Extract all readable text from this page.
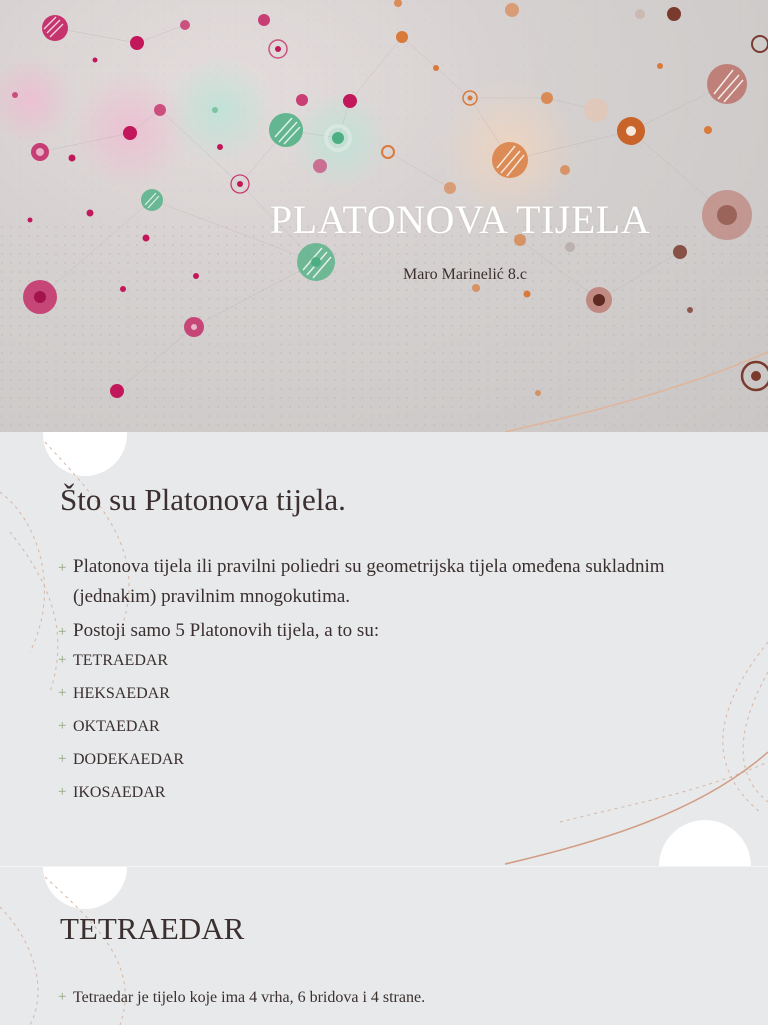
PLATONOVA TIJELA
Maro Marinelić 8.c
Što su Platonova tijela.
+ Platonova tijela ili pravilni poliedri su geometrijska tijela omeđena sukladnim (jednakim) pravilnim mnogokutima.
+ Postoji samo 5 Platonovih tijela, a to su:
+ TETRAEDAR
+ HEKSAEDAR
+ OKTAEDAR
+ DODEKAEDAR
+ IKOSAEDAR
TETRAEDAR
+ Tetraedar je tijelo koje ima 4 vrha, 6 bridova i 4 strane.
